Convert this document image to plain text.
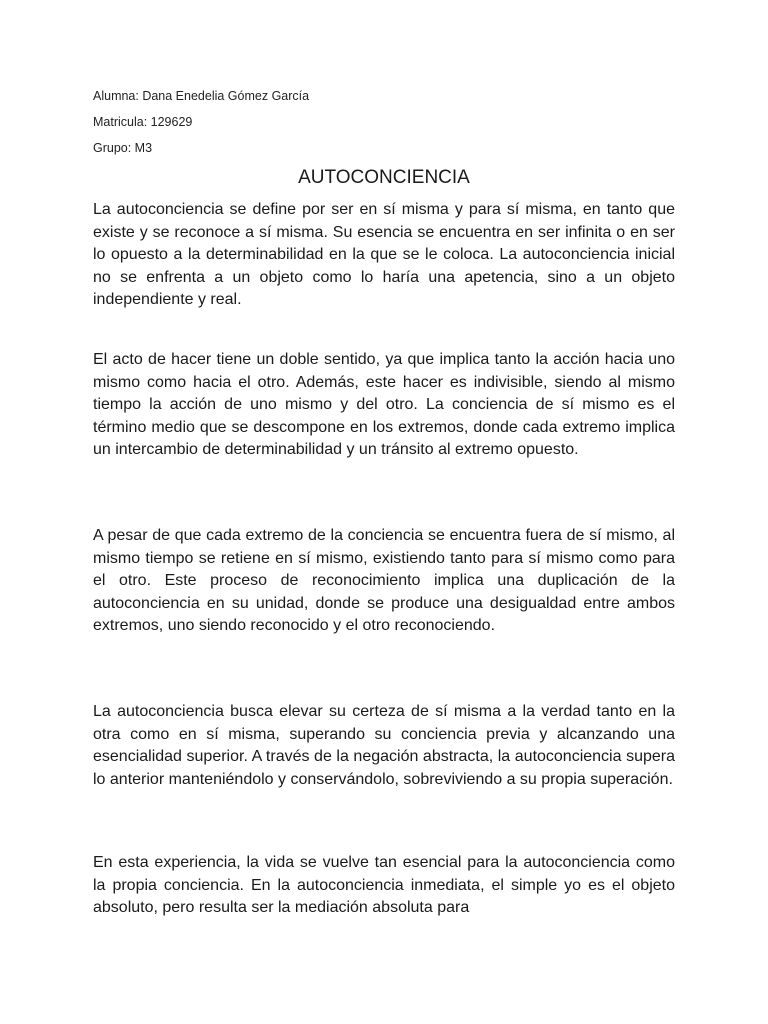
Alumna: Dana Enedelia Gómez García

Matricula: 129629

Grupo: M3

AUTOCONCIENCIA

La autoconciencia se define por ser en sí misma y para sí misma, en tanto que existe y se reconoce a sí misma. Su esencia se encuentra en ser infinita o en ser lo opuesto a la determinabilidad en la que se le coloca. La autoconciencia inicial no se enfrenta a un objeto como lo haría una apetencia, sino a un objeto independiente y real.

El acto de hacer tiene un doble sentido, ya que implica tanto la acción hacia uno mismo como hacia el otro. Además, este hacer es indivisible, siendo al mismo tiempo la acción de uno mismo y del otro. La conciencia de sí mismo es el término medio que se descompone en los extremos, donde cada extremo implica un intercambio de determinabilidad y un tránsito al extremo opuesto.

A pesar de que cada extremo de la conciencia se encuentra fuera de sí mismo, al mismo tiempo se retiene en sí mismo, existiendo tanto para sí mismo como para el otro. Este proceso de reconocimiento implica una duplicación de la autoconciencia en su unidad, donde se produce una desigualdad entre ambos extremos, uno siendo reconocido y el otro reconociendo.

La autoconciencia busca elevar su certeza de sí misma a la verdad tanto en la otra como en sí misma, superando su conciencia previa y alcanzando una esencialidad superior. A través de la negación abstracta, la autoconciencia supera lo anterior manteniéndolo y conservándolo, sobreviviendo a su propia superación.

En esta experiencia, la vida se vuelve tan esencial para la autoconciencia como la propia conciencia. En la autoconciencia inmediata, el simple yo es el objeto absoluto, pero resulta ser la mediación absoluta para
